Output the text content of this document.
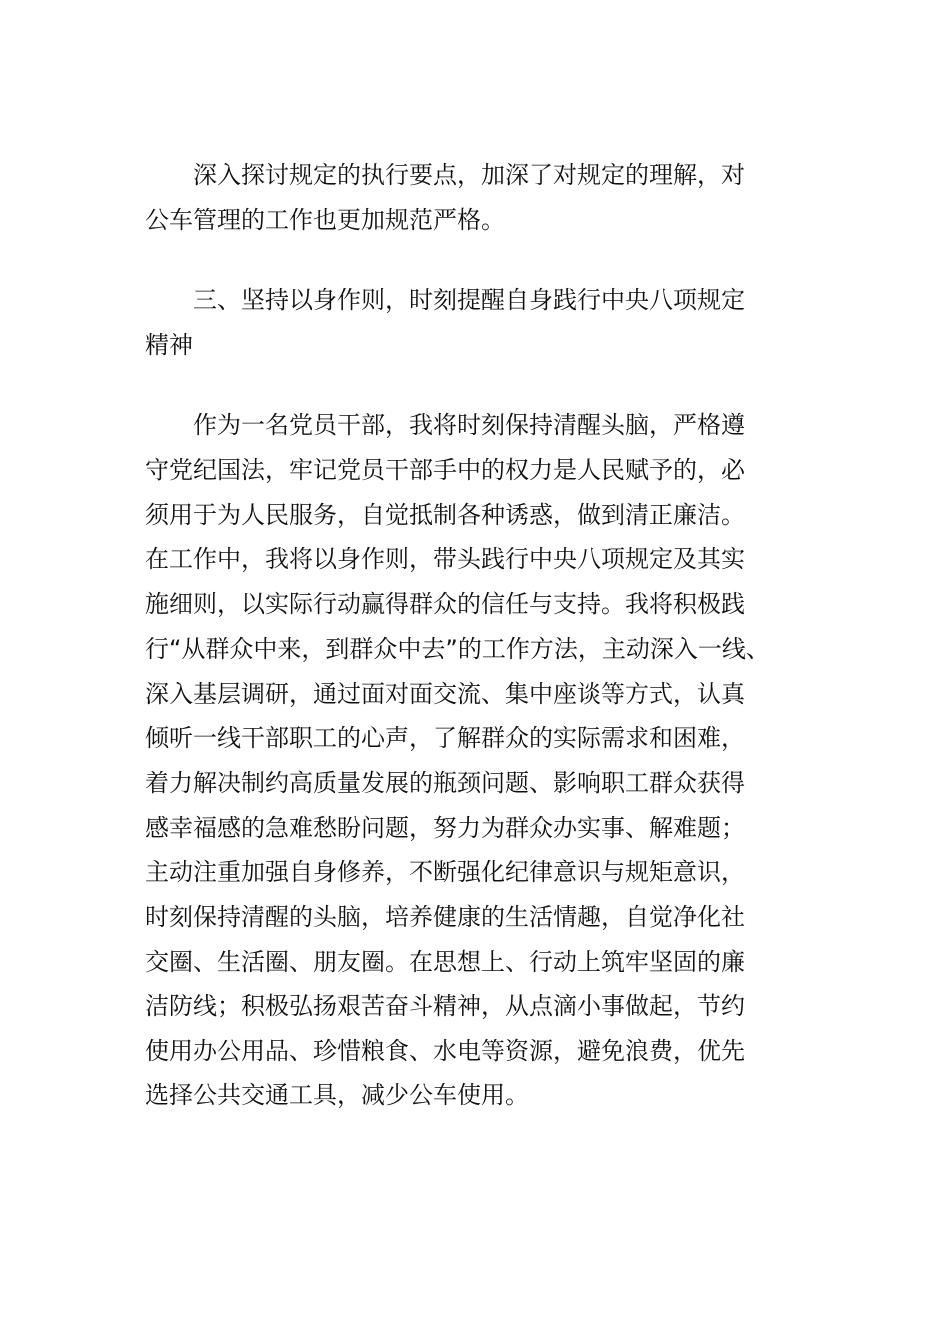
深入探讨规定的执行要点，加深了对规定的理解，对

公车管理的工作也更加规范严格。

三、坚持以身作则，时刻提醒自身践行中央八项规定

精神

作为一名党员干部，我将时刻保持清醒头脑，严格遵

守党纪国法，牢记党员干部手中的权力是人民赋予的，必

须用于为人民服务，自觉抵制各种诱惑，做到清正廉洁。

在工作中，我将以身作则，带头践行中央八项规定及其实

施细则，以实际行动赢得群众的信任与支持。我将积极践

行“从群众中来，到群众中去”的工作方法，主动深入一线、

深入基层调研，通过面对面交流、集中座谈等方式，认真

倾听一线干部职工的心声，了解群众的实际需求和困难，

着力解决制约高质量发展的瓶颈问题、影响职工群众获得

感幸福感的急难愁盼问题，努力为群众办实事、解难题；

主动注重加强自身修养，不断强化纪律意识与规矩意识，

时刻保持清醒的头脑，培养健康的生活情趣，自觉净化社

交圈、生活圈、朋友圈。在思想上、行动上筑牢坚固的廉

洁防线；积极弘扬艰苦奋斗精神，从点滴小事做起，节约

使用办公用品、珍惜粮食、水电等资源，避免浪费，优先

选择公共交通工具，减少公车使用。
